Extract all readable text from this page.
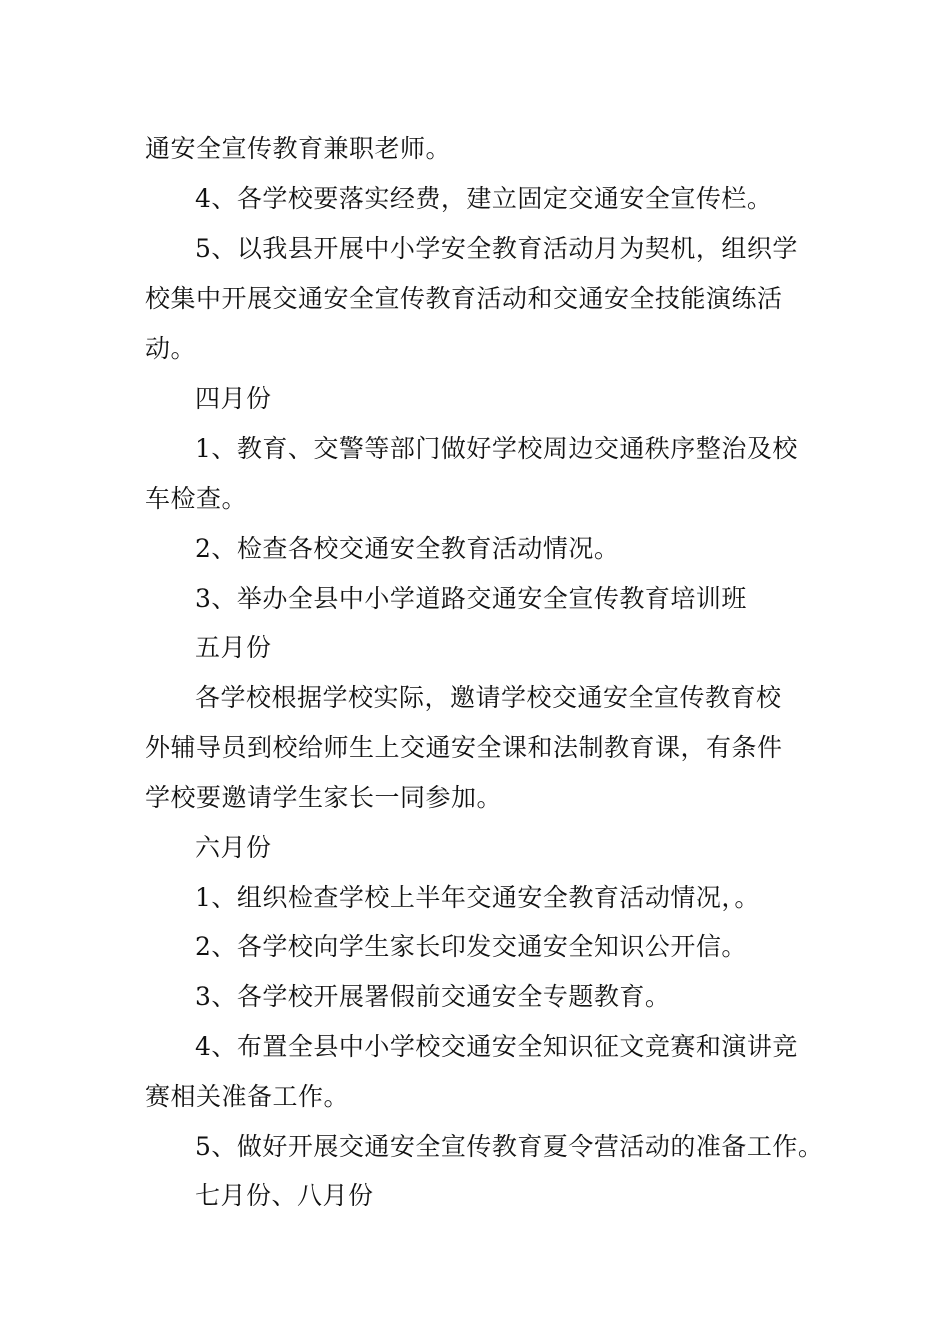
通安全宣传教育兼职老师。
4、各学校要落实经费，建立固定交通安全宣传栏。
5、以我县开展中小学安全教育活动月为契机，组织学
校集中开展交通安全宣传教育活动和交通安全技能演练活
动。
四月份
1、教育、交警等部门做好学校周边交通秩序整治及校
车检查。
2、检查各校交通安全教育活动情况。
3、举办全县中小学道路交通安全宣传教育培训班
五月份
各学校根据学校实际，邀请学校交通安全宣传教育校
外辅导员到校给师生上交通安全课和法制教育课，有条件
学校要邀请学生家长一同参加。
六月份
1、组织检查学校上半年交通安全教育活动情况，。
2、各学校向学生家长印发交通安全知识公开信。
3、各学校开展署假前交通安全专题教育。
4、布置全县中小学校交通安全知识征文竞赛和演讲竞
赛相关准备工作。
5、做好开展交通安全宣传教育夏令营活动的准备工作。
七月份、八月份
